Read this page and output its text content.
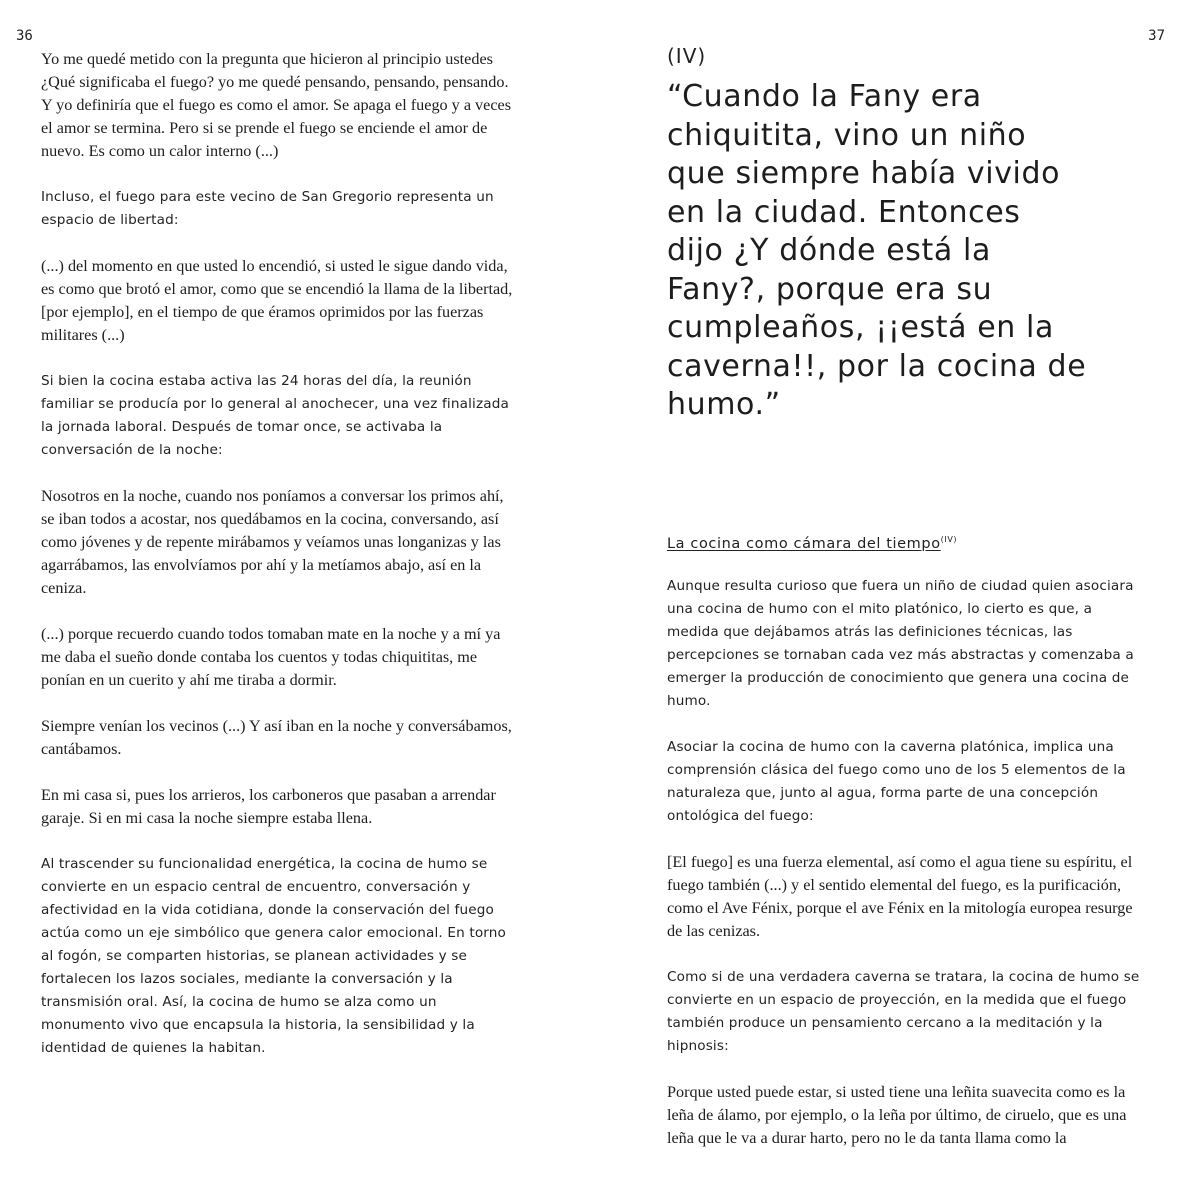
36	37

Yo me quedé metido con la pregunta que hicieron al principio ustedes ¿Qué significaba el fuego? yo me quedé pensando, pensando, pensando. Y yo definiría que el fuego es como el amor. Se apaga el fuego y a veces el amor se termina. Pero si se prende el fuego se enciende el amor de nuevo. Es como un calor interno (...)

Incluso, el fuego para este vecino de San Gregorio representa un espacio de libertad:

(...) del momento en que usted lo encendió, si usted le sigue dando vida, es como que brotó el amor, como que se encendió la llama de la libertad, [por ejemplo], en el tiempo de que éramos oprimidos por las fuerzas militares (...)

Si bien la cocina estaba activa las 24 horas del día, la reunión familiar se producía por lo general al anochecer, una vez finalizada la jornada laboral. Después de tomar once, se activaba la conversación de la noche:

Nosotros en la noche, cuando nos poníamos a conversar los primos ahí, se iban todos a acostar, nos quedábamos en la cocina, conversando, así como jóvenes y de repente mirábamos y veíamos unas longanizas y las agarrábamos, las envolvíamos por ahí y la metíamos abajo, así en la ceniza.

(...) porque recuerdo cuando todos tomaban mate en la noche y a mí ya me daba el sueño donde contaba los cuentos y todas chiquititas, me ponían en un cuerito y ahí me tiraba a dormir.

Siempre venían los vecinos (...) Y así iban en la noche y conversábamos, cantábamos.

En mi casa si, pues los arrieros, los carboneros que pasaban a arrendar garaje. Si en mi casa la noche siempre estaba llena.

Al trascender su funcionalidad energética, la cocina de humo se convierte en un espacio central de encuentro, conversación y afectividad en la vida cotidiana, donde la conservación del fuego actúa como un eje simbólico que genera calor emocional. En torno al fogón, se comparten historias, se planean actividades y se fortalecen los lazos sociales, mediante la conversación y la transmisión oral. Así, la cocina de humo se alza como un monumento vivo que encapsula la historia, la sensibilidad y la identidad de quienes la habitan.

(IV)

“Cuando la Fany era chiquitita, vino un niño que siempre había vivido en la ciudad. Entonces dijo ¿Y dónde está la Fany?, porque era su cumpleaños, ¡¡está en la caverna!!, por la cocina de humo.”

La cocina como cámara del tiempo$^{(IV)}$

Aunque resulta curioso que fuera un niño de ciudad quien asociara una cocina de humo con el mito platónico, lo cierto es que, a medida que dejábamos atrás las definiciones técnicas, las percepciones se tornaban cada vez más abstractas y comenzaba a emerger la producción de conocimiento que genera una cocina de humo.

Asociar la cocina de humo con la caverna platónica, implica una comprensión clásica del fuego como uno de los 5 elementos de la naturaleza que, junto al agua, forma parte de una concepción ontológica del fuego:

[El fuego] es una fuerza elemental, así como el agua tiene su espíritu, el fuego también (...) y el sentido elemental del fuego, es la purificación, como el Ave Fénix, porque el ave Fénix en la mitología europea resurge de las cenizas.

Como si de una verdadera caverna se tratara, la cocina de humo se convierte en un espacio de proyección, en la medida que el fuego también produce un pensamiento cercano a la meditación y la hipnosis:

Porque usted puede estar, si usted tiene una leñita suavecita como es la leña de álamo, por ejemplo, o la leña por último, de ciruelo, que es una leña que le va a durar harto, pero no le da tanta llama como la
